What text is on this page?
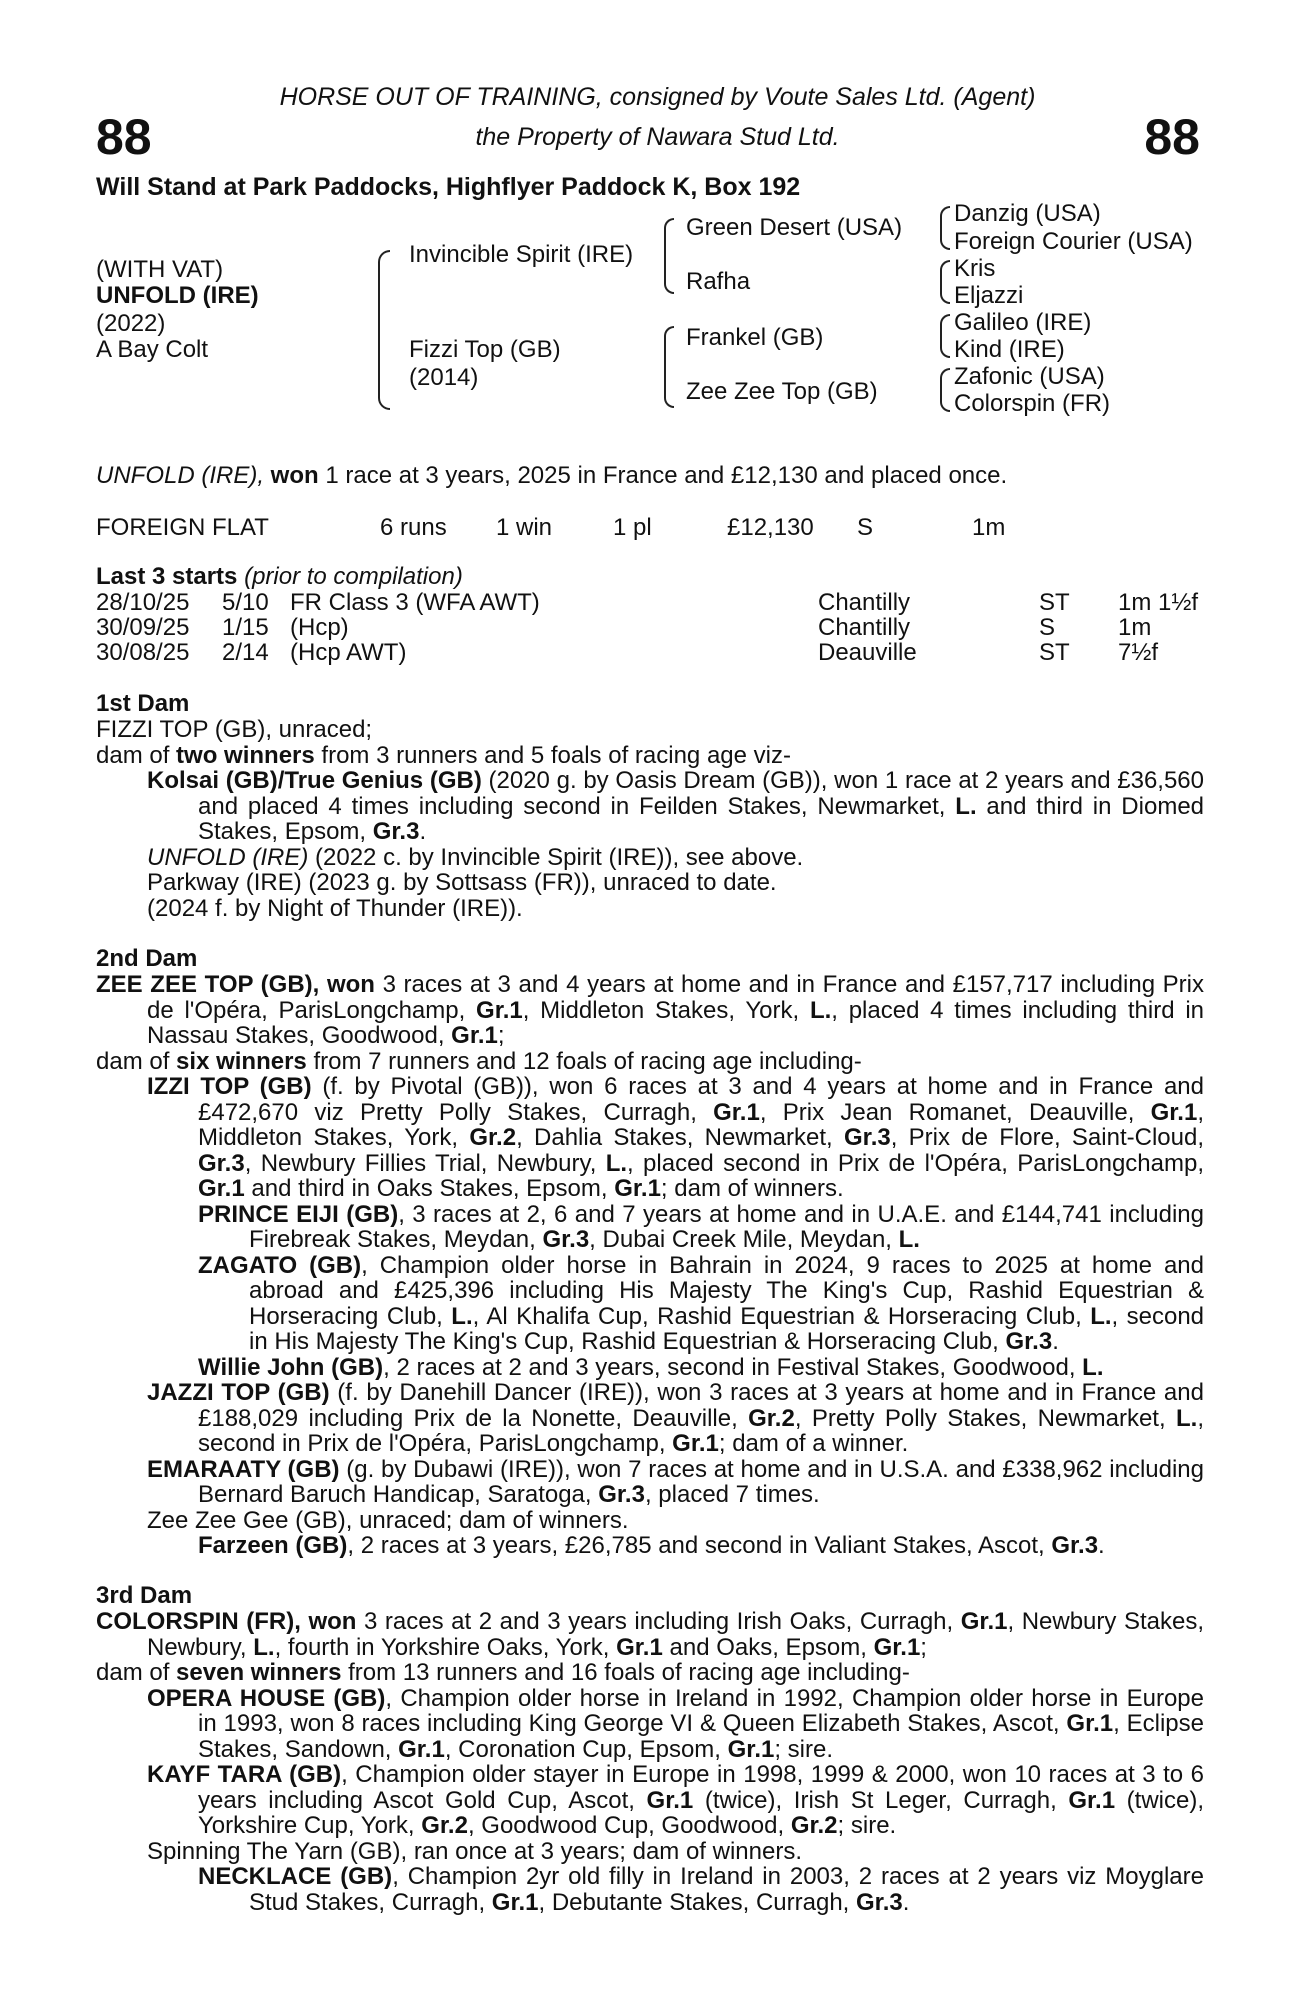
88	88
HORSE OUT OF TRAINING, consigned by Voute Sales Ltd. (Agent)
the Property of Nawara Stud Ltd.
Will Stand at Park Paddocks, Highflyer Paddock K, Box 192
(WITH VAT)
UNFOLD (IRE)
(2022)
A Bay Colt
Invincible Spirit (IRE)
Fizzi Top (GB)
(2014)
Green Desert (USA)
Rafha
Frankel (GB)
Zee Zee Top (GB)
Danzig (USA)
Foreign Courier (USA)
Kris
Eljazzi
Galileo (IRE)
Kind (IRE)
Zafonic (USA)
Colorspin (FR)
UNFOLD (IRE), won 1 race at 3 years, 2025 in France and £12,130 and placed once.
FOREIGN FLAT	6 runs 1 win	1 pl	£12,130 S	1m
Last 3 starts (prior to compilation)
28/10/25 5/10 FR Class 3 (WFA AWT)	Chantilly	ST 1m 1½f
30/09/25 1/15 (Hcp)	Chantilly	S	1m
30/08/25 2/14 (Hcp AWT)	Deauville	ST 7½f

1st Dam

FIZZI TOP (GB), unraced;

dam of two winners from 3 runners and 5 foals of racing age viz-

Kolsai (GB)/True Genius (GB) (2020 g. by Oasis Dream (GB)), won 1 race at 2 years and £36,560 and placed 4 times including second in Feilden Stakes, Newmarket, L. and third in Diomed Stakes, Epsom, Gr.3.

UNFOLD (IRE) (2022 c. by Invincible Spirit (IRE)), see above.

Parkway (IRE) (2023 g. by Sottsass (FR)), unraced to date.

(2024 f. by Night of Thunder (IRE)).

2nd Dam

ZEE ZEE TOP (GB), won 3 races at 3 and 4 years at home and in France and £157,717 including Prix de l'Opéra, ParisLongchamp, Gr.1, Middleton Stakes, York, L., placed 4 times including third in Nassau Stakes, Goodwood, Gr.1;

dam of six winners from 7 runners and 12 foals of racing age including-

IZZI TOP (GB) (f. by Pivotal (GB)), won 6 races at 3 and 4 years at home and in France and £472,670 viz Pretty Polly Stakes, Curragh, Gr.1, Prix Jean Romanet, Deauville, Gr.1, Middleton Stakes, York, Gr.2, Dahlia Stakes, Newmarket, Gr.3, Prix de Flore, Saint-Cloud, Gr.3, Newbury Fillies Trial, Newbury, L., placed second in Prix de l'Opéra, ParisLongchamp, Gr.1 and third in Oaks Stakes, Epsom, Gr.1; dam of winners.

PRINCE EIJI (GB), 3 races at 2, 6 and 7 years at home and in U.A.E. and £144,741 including Firebreak Stakes, Meydan, Gr.3, Dubai Creek Mile, Meydan, L.

ZAGATO (GB), Champion older horse in Bahrain in 2024, 9 races to 2025 at home and abroad and £425,396 including His Majesty The King's Cup, Rashid Equestrian & Horseracing Club, L., Al Khalifa Cup, Rashid Equestrian & Horseracing Club, L., second in His Majesty The King's Cup, Rashid Equestrian & Horseracing Club, Gr.3.

Willie John (GB), 2 races at 2 and 3 years, second in Festival Stakes, Goodwood, L.

JAZZI TOP (GB) (f. by Danehill Dancer (IRE)), won 3 races at 3 years at home and in France and £188,029 including Prix de la Nonette, Deauville, Gr.2, Pretty Polly Stakes, Newmarket, L., second in Prix de l'Opéra, ParisLongchamp, Gr.1; dam of a winner.

EMARAATY (GB) (g. by Dubawi (IRE)), won 7 races at home and in U.S.A. and £338,962 including Bernard Baruch Handicap, Saratoga, Gr.3, placed 7 times.

Zee Zee Gee (GB), unraced; dam of winners.

Farzeen (GB), 2 races at 3 years, £26,785 and second in Valiant Stakes, Ascot, Gr.3.

3rd Dam

COLORSPIN (FR), won 3 races at 2 and 3 years including Irish Oaks, Curragh, Gr.1, Newbury Stakes, Newbury, L., fourth in Yorkshire Oaks, York, Gr.1 and Oaks, Epsom, Gr.1;

dam of seven winners from 13 runners and 16 foals of racing age including-

OPERA HOUSE (GB), Champion older horse in Ireland in 1992, Champion older horse in Europe in 1993, won 8 races including King George VI & Queen Elizabeth Stakes, Ascot, Gr.1, Eclipse Stakes, Sandown, Gr.1, Coronation Cup, Epsom, Gr.1; sire.

KAYF TARA (GB), Champion older stayer in Europe in 1998, 1999 & 2000, won 10 races at 3 to 6 years including Ascot Gold Cup, Ascot, Gr.1 (twice), Irish St Leger, Curragh, Gr.1 (twice), Yorkshire Cup, York, Gr.2, Goodwood Cup, Goodwood, Gr.2; sire.

Spinning The Yarn (GB), ran once at 3 years; dam of winners.

NECKLACE (GB), Champion 2yr old filly in Ireland in 2003, 2 races at 2 years viz Moyglare Stud Stakes, Curragh, Gr.1, Debutante Stakes, Curragh, Gr.3.
